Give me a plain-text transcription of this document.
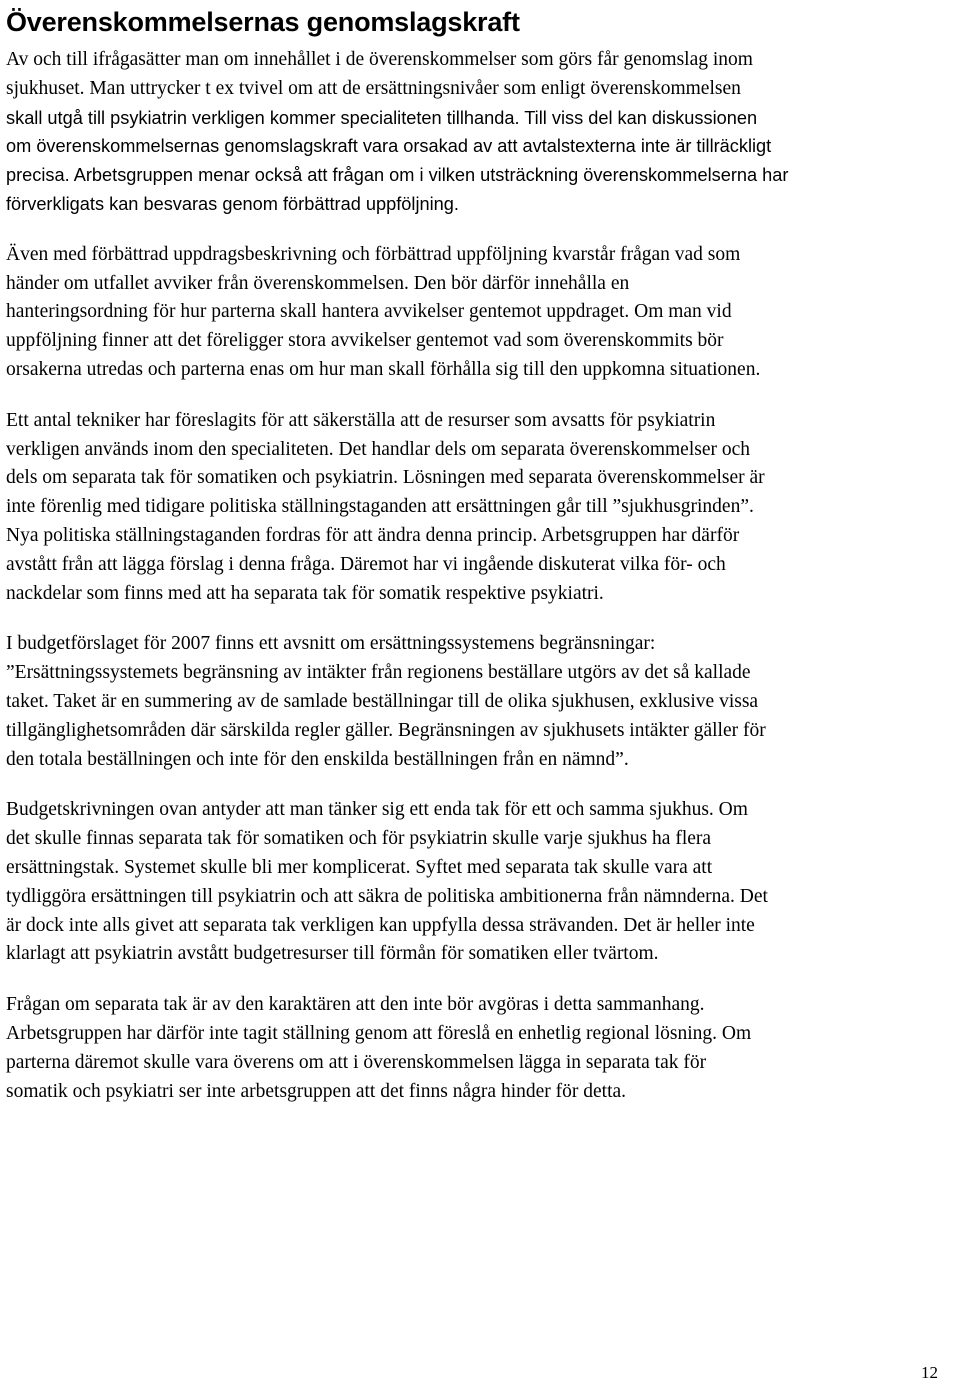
Överenskommelsernas genomslagskraft
Av och till ifrågasätter man om innehållet i de överenskommelser som görs får genomslag inom
sjukhuset. Man uttrycker t ex tvivel om att de ersättningsnivåer som enligt överenskommelsen
skall utgå till psykiatrin verkligen kommer specialiteten tillhanda. Till viss del kan diskussionen
om överenskommelsernas genomslagskraft vara orsakad av att avtalstexterna inte är tillräckligt
precisa. Arbetsgruppen menar också att frågan om i vilken utsträckning överenskommelserna har
förverkligats kan besvaras genom förbättrad uppföljning.
Även med förbättrad uppdragsbeskrivning och förbättrad uppföljning kvarstår frågan vad som
händer om utfallet avviker från överenskommelsen. Den bör därför innehålla en
hanteringsordning för hur parterna skall hantera avvikelser gentemot uppdraget. Om man vid
uppföljning finner att det föreligger stora avvikelser gentemot vad som överenskommits bör
orsakerna utredas och parterna enas om hur man skall förhålla sig till den uppkomna situationen.
Ett antal tekniker har föreslagits för att säkerställa att de resurser som avsatts för psykiatrin
verkligen används inom den specialiteten. Det handlar dels om separata överenskommelser och
dels om separata tak för somatiken och psykiatrin. Lösningen med separata överenskommelser är
inte förenlig med tidigare politiska ställningstaganden att ersättningen går till ”sjukhusgrinden”.
Nya politiska ställningstaganden fordras för att ändra denna princip. Arbetsgruppen har därför
avstått från att lägga förslag i denna fråga. Däremot har vi ingående diskuterat vilka för- och
nackdelar som finns med att ha separata tak för somatik respektive psykiatri.
I budgetförslaget för 2007 finns ett avsnitt om ersättningssystemens begränsningar:
”Ersättningssystemets begränsning av intäkter från regionens beställare utgörs av det så kallade
taket. Taket är en summering av de samlade beställningar till de olika sjukhusen, exklusive vissa
tillgänglighetsområden där särskilda regler gäller. Begränsningen av sjukhusets intäkter gäller för
den totala beställningen och inte för den enskilda beställningen från en nämnd”.
Budgetskrivningen ovan antyder att man tänker sig ett enda tak för ett och samma sjukhus. Om
det skulle finnas separata tak för somatiken och för psykiatrin skulle varje sjukhus ha flera
ersättningstak. Systemet skulle bli mer komplicerat. Syftet med separata tak skulle vara att
tydliggöra ersättningen till psykiatrin och att säkra de politiska ambitionerna från nämnderna. Det
är dock inte alls givet att separata tak verkligen kan uppfylla dessa strävanden. Det är heller inte
klarlagt att psykiatrin avstått budgetresurser till förmån för somatiken eller tvärtom.
Frågan om separata tak är av den karaktären att den inte bör avgöras i detta sammanhang.
Arbetsgruppen har därför inte tagit ställning genom att föreslå en enhetlig regional lösning. Om
parterna däremot skulle vara överens om att i överenskommelsen lägga in separata tak för
somatik och psykiatri ser inte arbetsgruppen att det finns några hinder för detta.
12
